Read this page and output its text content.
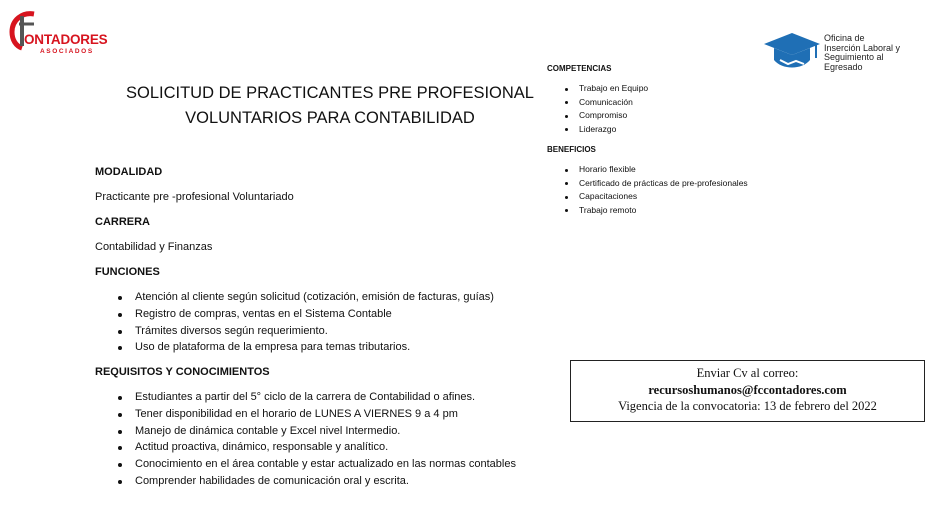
ONTADORES
ASOCIADOS
Oficina de
Inserción Laboral y
Seguimiento al
Egresado
SOLICITUD DE PRACTICANTES PRE PROFESIONAL
VOLUNTARIOS PARA CONTABILIDAD
MODALIDAD
Practicante pre -profesional Voluntariado
CARRERA
Contabilidad y Finanzas
FUNCIONES
Atención al cliente según solicitud (cotización, emisión de facturas, guías)
Registro de compras, ventas en el Sistema Contable
Trámites diversos según requerimiento.
Uso de plataforma de la empresa para temas tributarios.
REQUISITOS Y CONOCIMIENTOS
Estudiantes a partir del 5° ciclo de la carrera de Contabilidad o afines.
Tener disponibilidad en el horario de LUNES A VIERNES 9 a 4 pm
Manejo de dinámica contable y Excel nivel Intermedio.
Actitud proactiva, dinámico, responsable y analítico.
Conocimiento en el área contable y estar actualizado en las normas contables
Comprender habilidades de comunicación oral y escrita.
COMPETENCIAS
Trabajo en Equipo
Comunicación
Compromiso
Liderazgo
BENEFICIOS
Horario flexible
Certificado de prácticas de pre-profesionales
Capacitaciones
Trabajo remoto
Enviar Cv al correo:
recursoshumanos@fccontadores.com
Vigencia de la convocatoria: 13 de febrero del 2022
